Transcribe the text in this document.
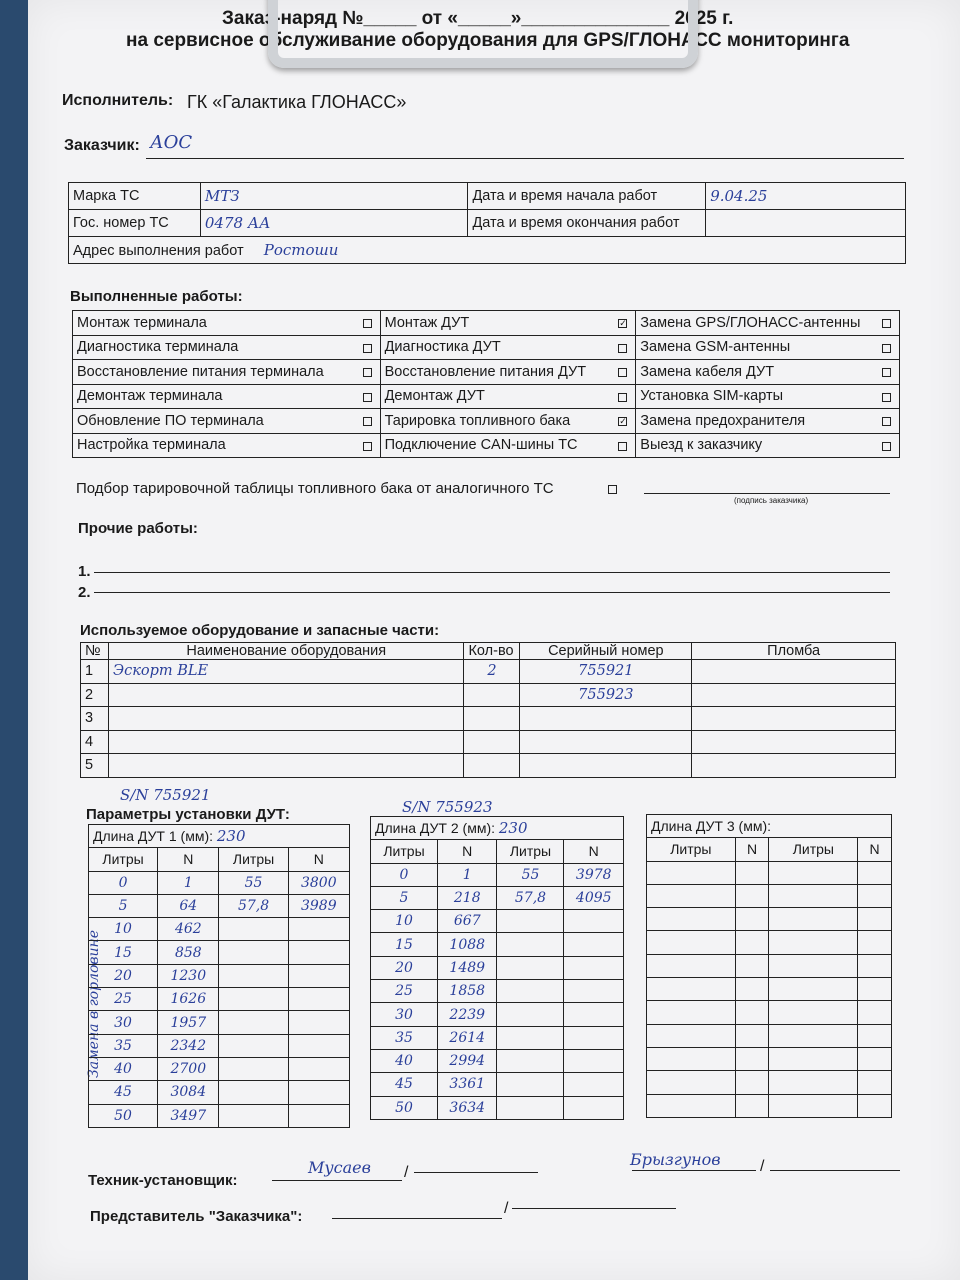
Заказ-наряд №_____ от «_____»______________ 2025 г.
на сервисное обслуживание оборудования для GPS/ГЛОНАСС мониторинга
Исполнитель: ГК «Галактика ГЛОНАСС»
Заказчик: АОС
Марка ТС	МТЗ	Дата и время начала работ	9.04.25
Гос. номер ТС	0478 АА	Дата и время окончания работ	
Адрес выполнения работ Ростоши			
Выполненные работы:
Монтаж терминала	Монтаж ДУТ ✓	Замена GPS/ГЛОНАСС-антенны

Диагностика терминала	Диагностика ДУТ	Замена GSM-антенны

Восстановление питания терминала	Восстановление питания ДУТ	Замена кабеля ДУТ

Демонтаж терминала	Демонтаж ДУТ	Установка SIM-карты

Обновление ПО терминала	Тарировка топливного бака ✓	Замена предохранителя

Настройка терминала	Подключение CAN-шины ТС	Выезд к заказчику
Подбор тарировочной таблицы топливного бака от аналогичного ТС
(подпись заказчика)
Прочие работы:
1.
2.
Используемое оборудование и запасные части:
№	Наименование оборудования	Кол-во	Серийный номер	Пломба
1	Эскорт BLE	2	755921	
2			755923	
3				
4				
5				
S/N 755921
S/N 755923
Параметры установки ДУТ:
Замена в горловине
Длина ДУТ 1 (мм): 230			
Литры	N	Литры	N
0	1	55	3800
5	64	57,8	3989
10	462		
15	858		
20	1230		
25	1626		
30	1957		
35	2342		
40	2700		
45	3084		
50	3497		
Длина ДУТ 2 (мм): 230			
Литры	N	Литры	N
0	1	55	3978
5	218	57,8	4095
10	667		
15	1088		
20	1489		
25	1858		
30	2239		
35	2614		
40	2994		
45	3361		
50	3634		
Длина ДУТ 3 (мм):			
Литры	N	Литры	N

Техник-установщик:
Мусаев /
Брызгунов /
Представитель "Заказчика":	/
